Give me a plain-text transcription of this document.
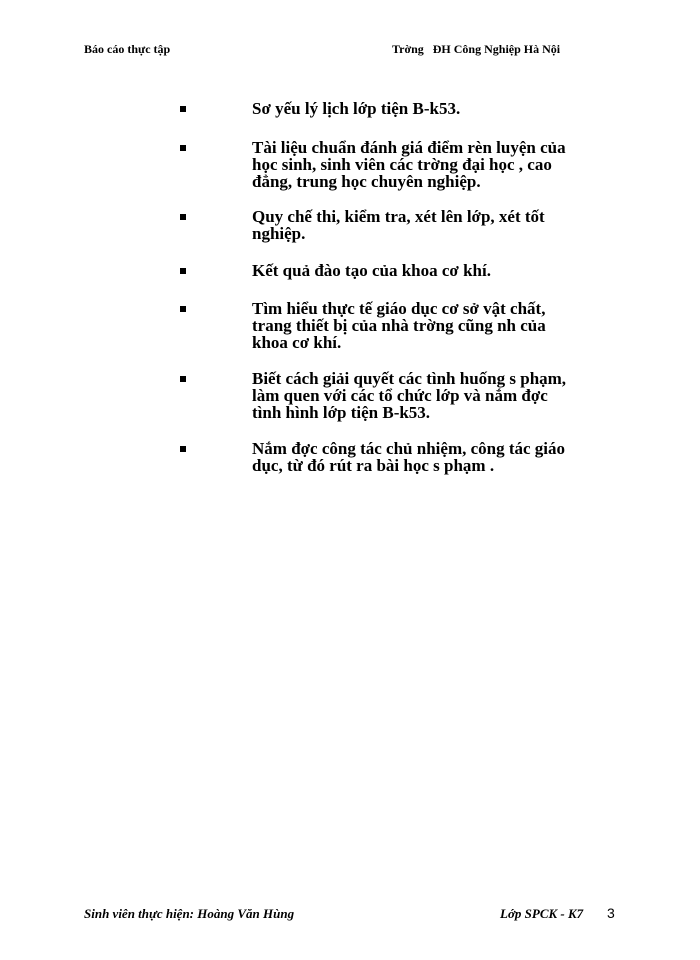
Báo cáo thực tập	Trờng   ĐH Công Nghiệp Hà Nội
Sơ yếu lý lịch lớp tiện B-k53.
Tài liệu chuẩn đánh giá điểm rèn luyện của
học sinh, sinh viên các trờng đại học , cao
đẳng, trung học chuyên nghiệp.
Quy chế thi, kiểm tra, xét lên lớp, xét tốt
nghiệp.
Kết quả đào tạo của khoa cơ khí.
Tìm hiểu thực tế giáo dục cơ sở vật chất,
trang thiết bị của nhà trờng cũng nh của
khoa cơ khí.
Biết cách giải quyết các tình huống s phạm,
làm quen với các tổ chức lớp và nắm đợc
tình hình lớp tiện B-k53.
Nắm đợc công tác chủ nhiệm, công tác giáo
dục, từ đó rút ra bài học s phạm .
Sinh viên thực hiện: Hoàng Văn Hùng	Lớp SPCK - K7 3
